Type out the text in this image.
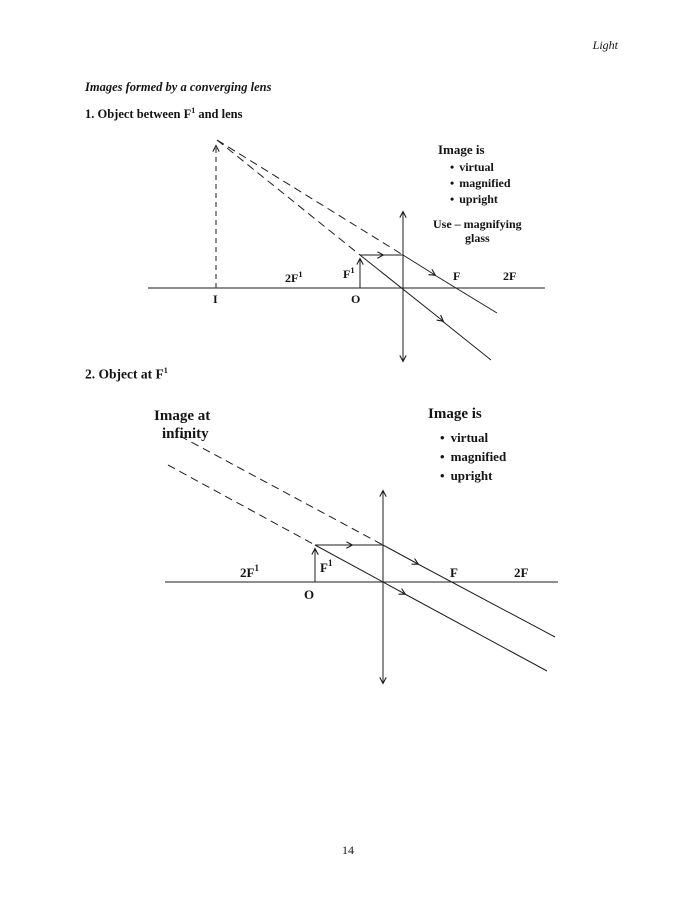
Light
Images formed by a converging lens
1. Object between $F^1$ and lens
$2F^1$	$F^1$
O
F	2F
I
Image is
• virtual
• magnified
• upright
Use – magnifying
glass
2. Object at $F^1$
$2F^1$	$F^1$
O
F	2F
Image at
infinity
Image is
• virtual
• magnified
• upright
14
